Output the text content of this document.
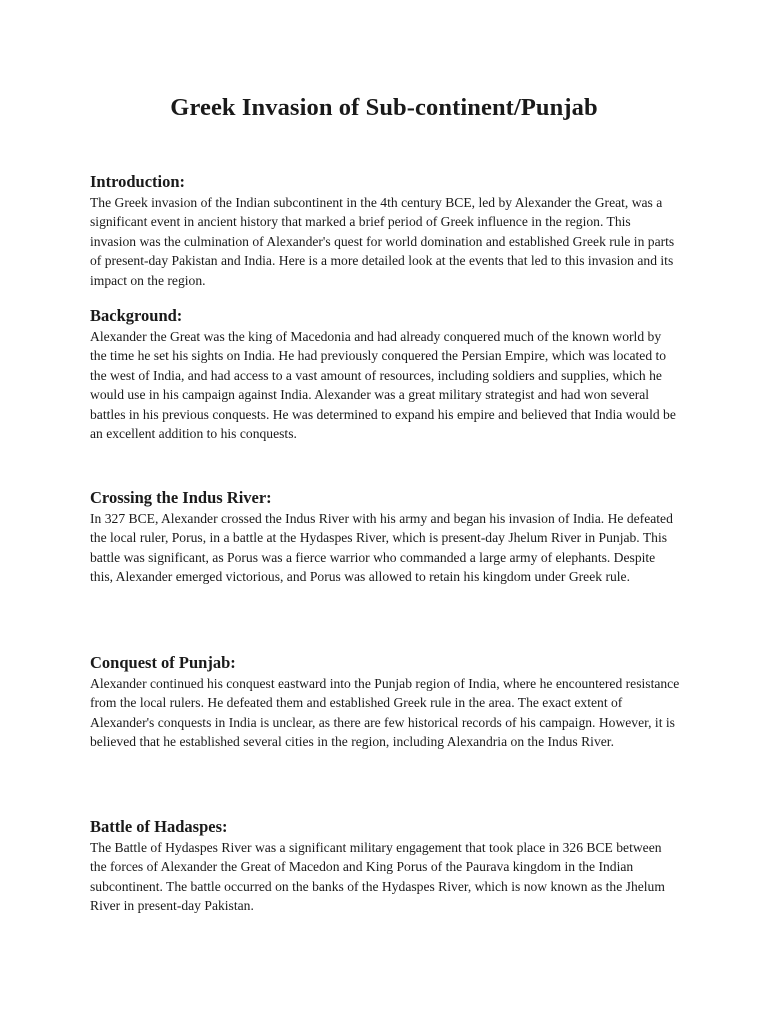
Greek Invasion of Sub-continent/Punjab
Introduction:

The Greek invasion of the Indian subcontinent in the 4th century BCE, led by Alexander the Great, was a significant event in ancient history that marked a brief period of Greek influence in the region. This invasion was the culmination of Alexander's quest for world domination and established Greek rule in parts of present-day Pakistan and India. Here is a more detailed look at the events that led to this invasion and its impact on the region.

Background:

Alexander the Great was the king of Macedonia and had already conquered much of the known world by the time he set his sights on India. He had previously conquered the Persian Empire, which was located to the west of India, and had access to a vast amount of resources, including soldiers and supplies, which he would use in his campaign against India. Alexander was a great military strategist and had won several battles in his previous conquests. He was determined to expand his empire and believed that India would be an excellent addition to his conquests.

Crossing the Indus River:

In 327 BCE, Alexander crossed the Indus River with his army and began his invasion of India. He defeated the local ruler, Porus, in a battle at the Hydaspes River, which is present-day Jhelum River in Punjab. This battle was significant, as Porus was a fierce warrior who commanded a large army of elephants. Despite this, Alexander emerged victorious, and Porus was allowed to retain his kingdom under Greek rule.

Conquest of Punjab:

Alexander continued his conquest eastward into the Punjab region of India, where he encountered resistance from the local rulers. He defeated them and established Greek rule in the area. The exact extent of Alexander's conquests in India is unclear, as there are few historical records of his campaign. However, it is believed that he established several cities in the region, including Alexandria on the Indus River.

Battle of Hadaspes:

The Battle of Hydaspes River was a significant military engagement that took place in 326 BCE between the forces of Alexander the Great of Macedon and King Porus of the Paurava kingdom in the Indian subcontinent. The battle occurred on the banks of the Hydaspes River, which is now known as the Jhelum River in present-day Pakistan.
